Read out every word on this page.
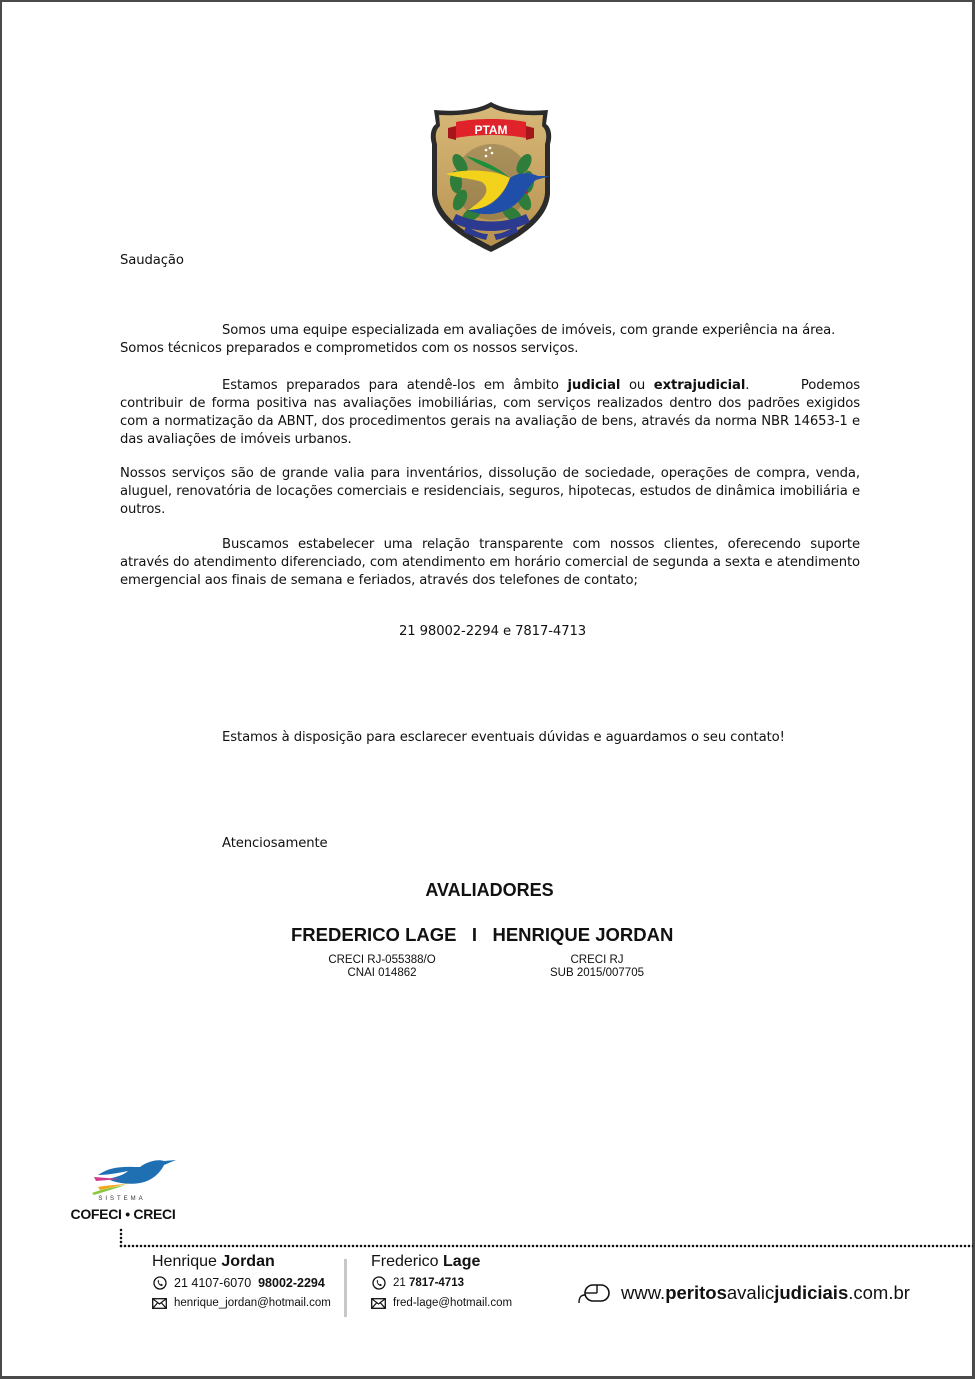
PTAM
Saudação
Somos uma equipe especializada em avaliações de imóveis, com grande experiência na área.
Somos técnicos preparados e comprometidos com os nossos serviços.
Estamos preparados para atendê-los em âmbito judicial ou extrajudicial.      Podemos contribuir de forma positiva nas avaliações imobiliárias, com serviços realizados dentro dos padrões exigidos com a normatização da ABNT, dos procedimentos gerais na avaliação de bens, através da norma NBR 14653-1 e das avaliações de imóveis urbanos.
Nossos serviços são de grande valia para inventários, dissolução de sociedade, operações de compra, venda, aluguel, renovatória de locações comerciais e residenciais, seguros, hipotecas, estudos de dinâmica imobiliária e outros.
Buscamos estabelecer uma relação transparente com nossos clientes, oferecendo suporte através do atendimento diferenciado, com atendimento em horário comercial de segunda a sexta e atendimento emergencial aos finais de semana e feriados, através dos telefones de contato;
21 98002-2294 e 7817-4713
Estamos à disposição para esclarecer eventuais dúvidas e aguardamos o seu contato!
Atenciosamente
AVALIADORES
FREDERICO LAGE   I   HENRIQUE JORDAN
CRECI RJ-055388/O
CNAI 014862
CRECI RJ
SUB 2015/007705
SISTEMA
COFECI • CRECI
Henrique Jordan
21 4107-6070
98002-2294
henrique_jordan@hotmail.com
Frederico Lage
21
7817-4713
fred-lage@hotmail.com	www. peritos avalic judiciais .com.br
